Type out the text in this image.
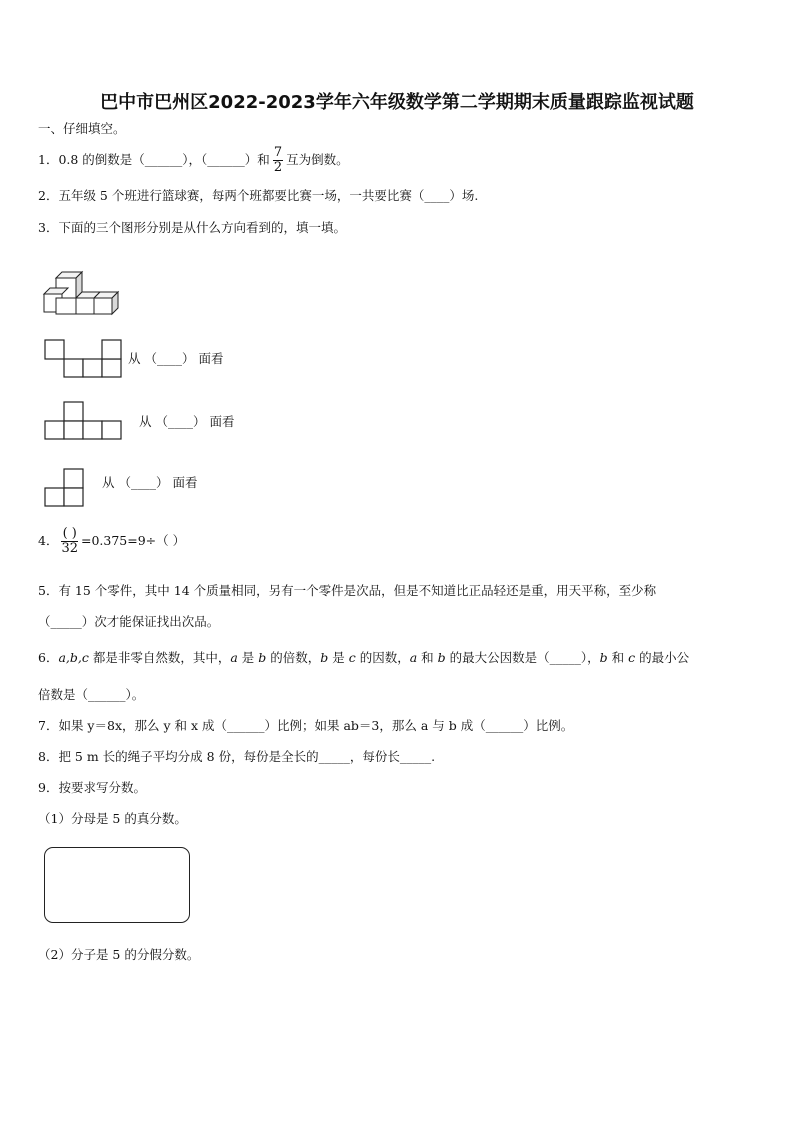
巴中市巴州区2022-2023学年六年级数学第二学期期末质量跟踪监视试题
一、仔细填空。
1．0.8 的倒数是（______），（______）和 $\frac{7}{2}$ 互为倒数。
2．五年级 5 个班进行篮球赛，每两个班都要比赛一场，一共要比赛（____）场.
3．下面的三个图形分别是从什么方向看到的，填一填。
从 （____） 面看
从 （____） 面看
从 （____） 面看
4． $\frac{( )}{32} =0.375=9\div$（ ）
5．有 15 个零件，其中 14 个质量相同，另有一个零件是次品，但是不知道比正品轻还是重，用天平称，至少称
（_____）次才能保证找出次品。
6．a,b,c 都是非零自然数，其中，a 是 b 的倍数，b 是 c 的因数，a 和 b 的最大公因数是（_____），b 和 c 的最小公
倍数是（______）。
7．如果 y＝8x，那么 y 和 x 成（______）比例；如果 ab＝3，那么 a 与 b 成（______）比例。
8．把 5 m 长的绳子平均分成 8 份，每份是全长的_____，每份长_____.
9．按要求写分数。
（1）分母是 5 的真分数。
（2）分子是 5 的分假分数。
